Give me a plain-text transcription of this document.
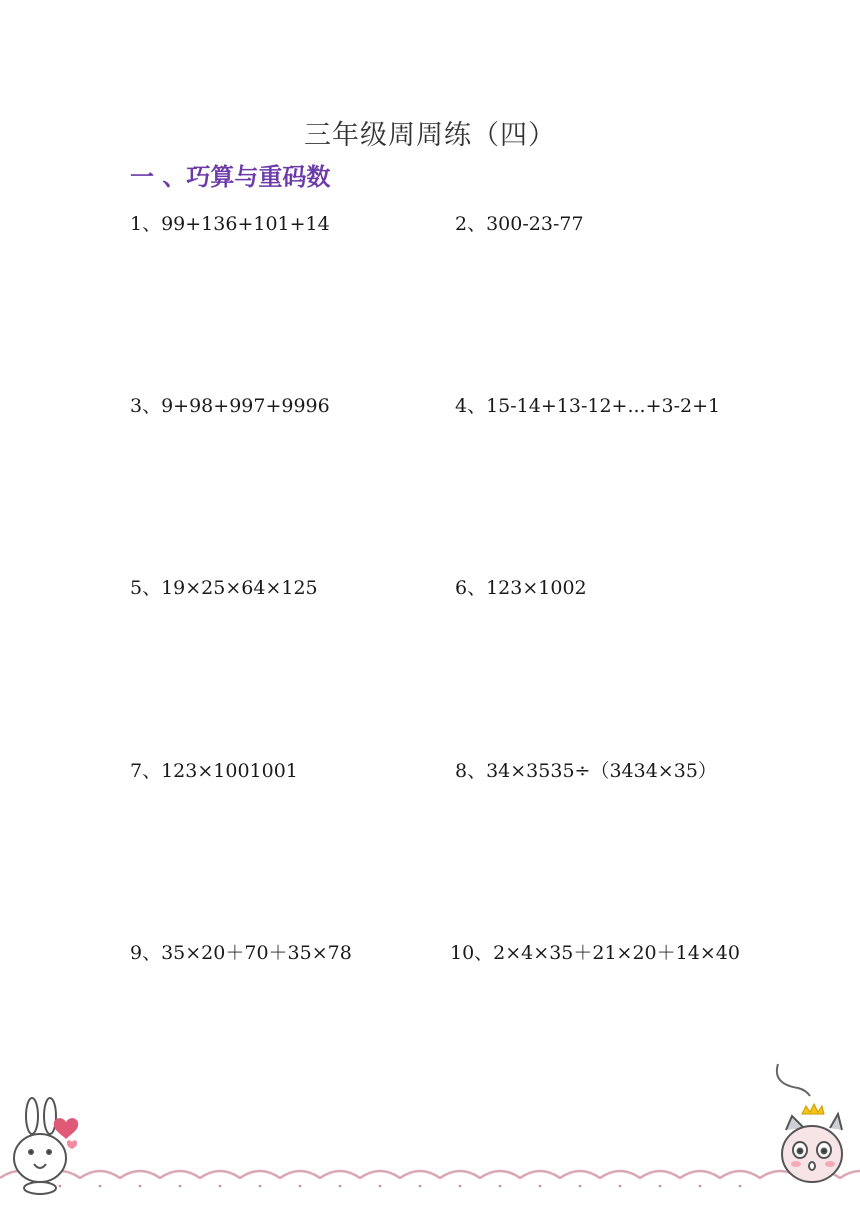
三年级周周练（四）
一 、巧算与重码数
1、99+136+101+14	2、300-23-77
3、9+98+997+9996	4、15-14+13-12+...+3-2+1
5、19×25×64×125	6、123×1002
7、123×1001001	8、34×3535÷（3434×35）
9、35×20＋70＋35×78	10、2×4×35＋21×20＋14×40
